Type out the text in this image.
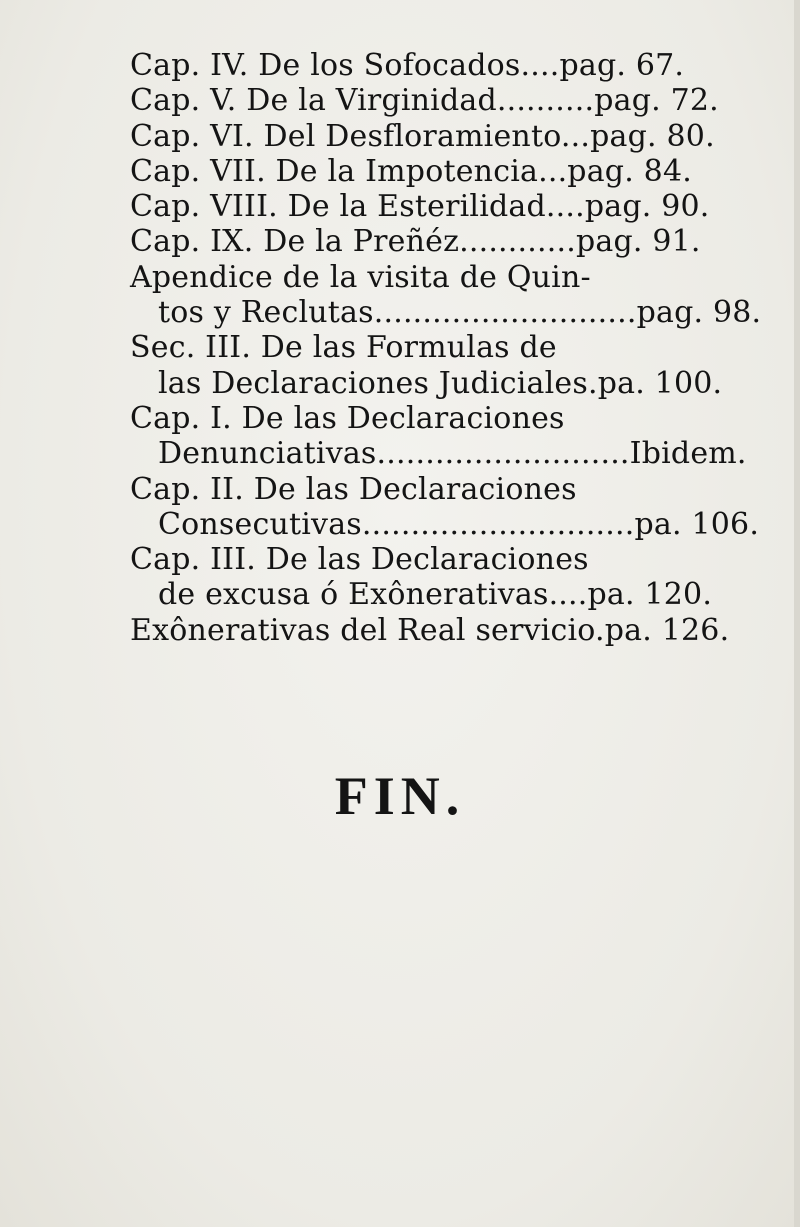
Cap. IV. De los Sofocados....pag. 67.
Cap. V. De la Virginidad..........pag. 72.
Cap. VI. Del Desfloramiento...pag. 80.
Cap. VII. De la Impotencia...pag. 84.
Cap. VIII. De la Esterilidad....pag. 90.
Cap. IX. De la Preñéz............pag. 91.
Apendice de la visita de Quin-
tos y Reclutas...........................pag. 98.
Sec. III. De las Formulas de
las Declaraciones Judiciales.pa. 100.
Cap. I. De las Declaraciones
Denunciativas..........................Ibidem.
Cap. II. De las Declaraciones
Consecutivas............................pa. 106.
Cap. III. De las Declaraciones
de excusa ó Exônerativas....pa. 120.
Exônerativas del Real servicio.pa. 126.
FIN.
